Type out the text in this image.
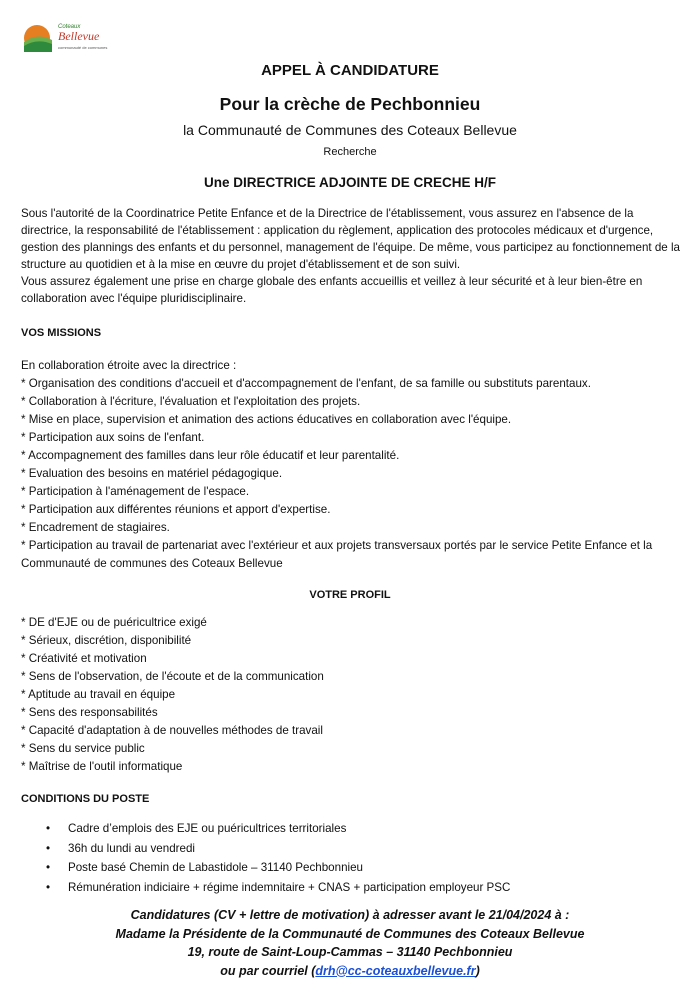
Coteaux
Bellevue
communauté de communes
APPEL À CANDIDATURE
Pour la crèche de Pechbonnieu
la Communauté de Communes des Coteaux Bellevue
Recherche
Une DIRECTRICE ADJOINTE DE CRECHE H/F
Sous l'autorité de la Coordinatrice Petite Enfance et de la Directrice de l'établissement, vous assurez en l'absence de la directrice, la responsabilité de l'établissement : application du règlement, application des protocoles médicaux et d'urgence, gestion des plannings des enfants et du personnel, management de l'équipe. De même, vous participez au fonctionnement de la structure au quotidien et à la mise en œuvre du projet d'établissement et de son suivi.
Vous assurez également une prise en charge globale des enfants accueillis et veillez à leur sécurité et à leur bien-être en collaboration avec l'équipe pluridisciplinaire.
VOS MISSIONS
En collaboration étroite avec la directrice :
* Organisation des conditions d'accueil et d'accompagnement de l'enfant, de sa famille ou substituts parentaux.
* Collaboration à l'écriture, l'évaluation et l'exploitation des projets.
* Mise en place, supervision et animation des actions éducatives en collaboration avec l'équipe.
* Participation aux soins de l'enfant.
* Accompagnement des familles dans leur rôle éducatif et leur parentalité.
* Evaluation des besoins en matériel pédagogique.
* Participation à l'aménagement de l'espace.
* Participation aux différentes réunions et apport d'expertise.
* Encadrement de stagiaires.
* Participation au travail de partenariat avec l'extérieur et aux projets transversaux portés par le service Petite Enfance et la Communauté de communes des Coteaux Bellevue
VOTRE PROFIL
* DE d'EJE ou de puéricultrice exigé
* Sérieux, discrétion, disponibilité
* Créativité et motivation
* Sens de l'observation, de l'écoute et de la communication
* Aptitude au travail en équipe
* Sens des responsabilités
* Capacité d'adaptation à de nouvelles méthodes de travail
* Sens du service public
* Maîtrise de l'outil informatique
CONDITIONS DU POSTE
• Cadre d’emplois des EJE ou puéricultrices territoriales
• 36h du lundi au vendredi
• Poste basé Chemin de Labastidole – 31140 Pechbonnieu
• Rémunération indiciaire + régime indemnitaire + CNAS + participation employeur PSC
Candidatures (CV + lettre de motivation) à adresser avant le 21/04/2024 à :
Madame la Présidente de la Communauté de Communes des Coteaux Bellevue
19, route de Saint-Loup-Cammas – 31140 Pechbonnieu
ou par courriel (drh@cc-coteauxbellevue.fr)
